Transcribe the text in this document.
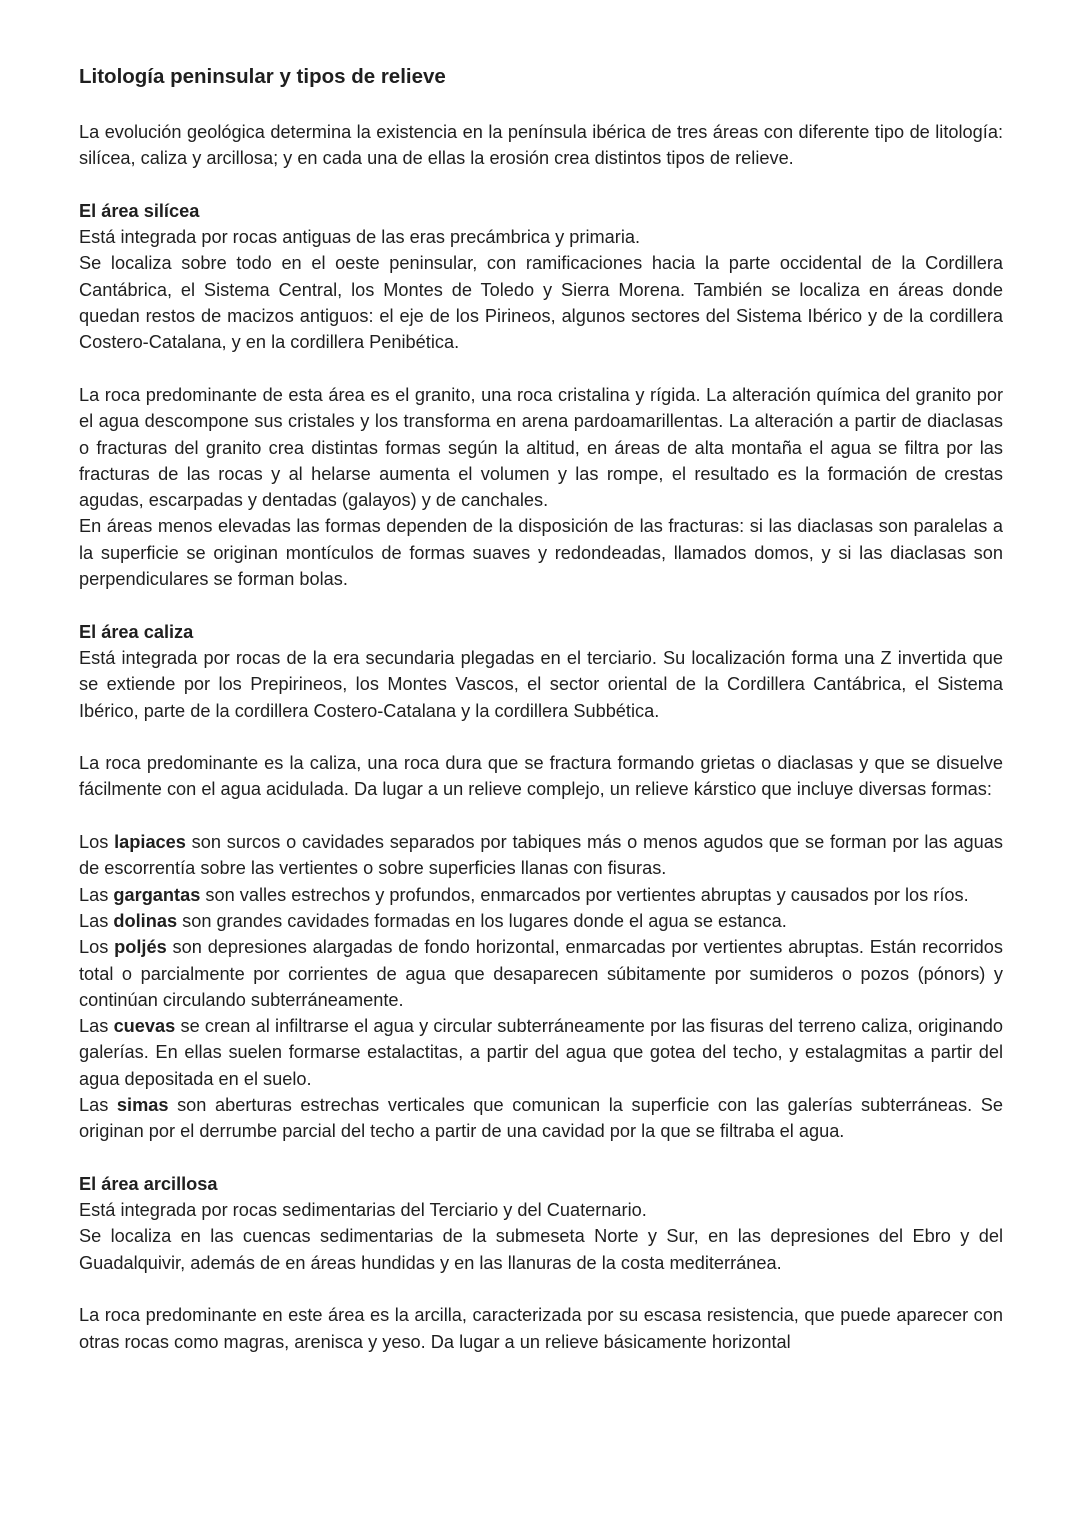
Litología peninsular y tipos de relieve

La evolución geológica determina la existencia en la península ibérica de tres áreas con diferente tipo de litología: silícea, caliza y arcillosa; y en cada una de ellas la erosión crea distintos tipos de relieve.

El área silícea

Está integrada por rocas antiguas de las eras precámbrica y primaria.

Se localiza sobre todo en el oeste peninsular, con ramificaciones hacia la parte occidental de la Cordillera Cantábrica, el Sistema Central, los Montes de Toledo y Sierra Morena. También se localiza en áreas donde quedan restos de macizos antiguos: el eje de los Pirineos, algunos sectores del Sistema Ibérico y de la cordillera Costero-Catalana, y en la cordillera Penibética.

La roca predominante de esta área es el granito, una roca cristalina y rígida. La alteración química del granito por el agua descompone sus cristales y los transforma en arena pardoamarillentas. La alteración a partir de diaclasas o fracturas del granito crea distintas formas según la altitud, en áreas de alta montaña el agua se filtra por las fracturas de las rocas y al helarse aumenta el volumen y las rompe, el resultado es la formación de crestas agudas, escarpadas y dentadas (galayos) y de canchales.

En áreas menos elevadas las formas dependen de la disposición de las fracturas: si las diaclasas son paralelas a la superficie se originan montículos de formas suaves y redondeadas, llamados domos, y si las diaclasas son perpendiculares se forman bolas.

El área caliza

Está integrada por rocas de la era secundaria plegadas en el terciario. Su localización forma una Z invertida que se extiende por los Prepirineos, los Montes Vascos, el sector oriental de la Cordillera Cantábrica, el Sistema Ibérico, parte de la cordillera Costero-Catalana y la cordillera Subbética.

La roca predominante es la caliza, una roca dura que se fractura formando grietas o diaclasas y que se disuelve fácilmente con el agua acidulada. Da lugar a un relieve complejo, un relieve kárstico que incluye diversas formas:

Los lapiaces son surcos o cavidades separados por tabiques más o menos agudos que se forman por las aguas de escorrentía sobre las vertientes o sobre superficies llanas con fisuras.

Las gargantas son valles estrechos y profundos, enmarcados por vertientes abruptas y causados por los ríos.

Las dolinas son grandes cavidades formadas en los lugares donde el agua se estanca.

Los poljés son depresiones alargadas de fondo horizontal, enmarcadas por vertientes abruptas. Están recorridos total o parcialmente por corrientes de agua que desaparecen súbitamente por sumideros o pozos (pónors) y continúan circulando subterráneamente.

Las cuevas se crean al infiltrarse el agua y circular subterráneamente por las fisuras del terreno caliza, originando galerías. En ellas suelen formarse estalactitas, a partir del agua que gotea del techo, y estalagmitas a partir del agua depositada en el suelo.

Las simas son aberturas estrechas verticales que comunican la superficie con las galerías subterráneas. Se originan por el derrumbe parcial del techo a partir de una cavidad por la que se filtraba el agua.

El área arcillosa

Está integrada por rocas sedimentarias del Terciario y del Cuaternario.

Se localiza en las cuencas sedimentarias de la submeseta Norte y Sur, en las depresiones del Ebro y del Guadalquivir, además de en áreas hundidas y en las llanuras de la costa mediterránea.

La roca predominante en este área es la arcilla, caracterizada por su escasa resistencia, que puede aparecer con otras rocas como magras, arenisca y yeso. Da lugar a un relieve básicamente horizontal
